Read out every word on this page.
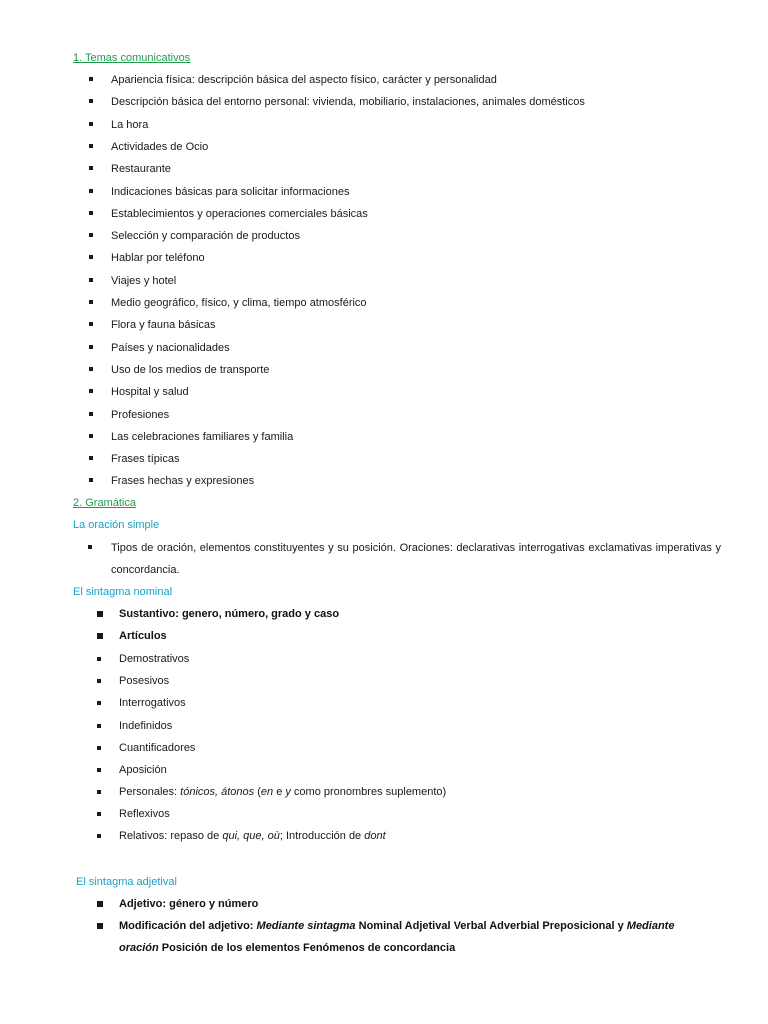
1. Temas comunicativos
Apariencia física: descripción básica del aspecto físico, carácter y personalidad
Descripción básica del entorno personal: vivienda, mobiliario, instalaciones, animales domésticos
La hora
Actividades de Ocio
Restaurante
Indicaciones básicas para solicitar informaciones
Establecimientos y operaciones comerciales básicas
Selección y comparación de productos
Hablar por teléfono
Viajes y hotel
Medio geográfico, físico, y clima, tiempo atmosférico
Flora y fauna básicas
Países y nacionalidades
Uso de los medios de transporte
Hospital y salud
Profesiones
Las celebraciones familiares y familia
Frases típicas
Frases hechas y expresiones
2. Gramática
La oración simple
Tipos de oración, elementos constituyentes y su posición. Oraciones: declarativas interrogativas exclamativas imperativas y concordancia.
El sintagma nominal
Sustantivo: genero, número, grado y caso
Artículos
Demostrativos
Posesivos
Interrogativos
Indefinidos
Cuantificadores
Aposición
Personales: tónicos, átonos (en e y como pronombres suplemento)
Reflexivos
Relativos: repaso de qui, que, où; Introducción de dont
El sintagma adjetival
Adjetivo: género y número
Modificación del adjetivo: Mediante sintagma Nominal Adjetival Verbal Adverbial Preposicional y Mediante
oración Posición de los elementos Fenómenos de concordancia
